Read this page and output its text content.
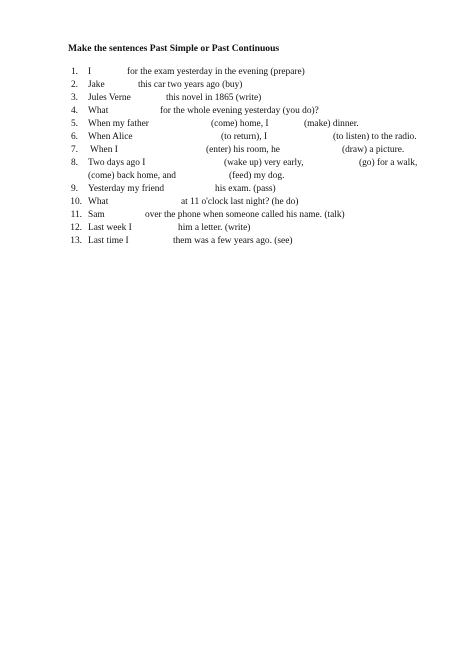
Make the sentences Past Simple or Past Continuous
1. I	for the exam yesterday in the evening (prepare)
2. Jake	this car two years ago (buy)
3. Jules Verne	this novel in 1865 (write)
4. What	for the whole evening yesterday (you do)?
5. When my father	(come) home, I	(make) dinner.
6. When Alice	(to return), I	(to listen) to the radio.
7. When I	(enter) his room, he	(draw) a picture.
8. Two days ago I	(wake up) very early,	(go) for a walk,
(come) back home, and	(feed) my dog.
9. Yesterday my friend	his exam. (pass)
10. What	at 11 o'clock last night? (he do)
11. Sam	over the phone when someone called his name. (talk)
12. Last week I	him a letter. (write)
13. Last time I	them was a few years ago. (see)
